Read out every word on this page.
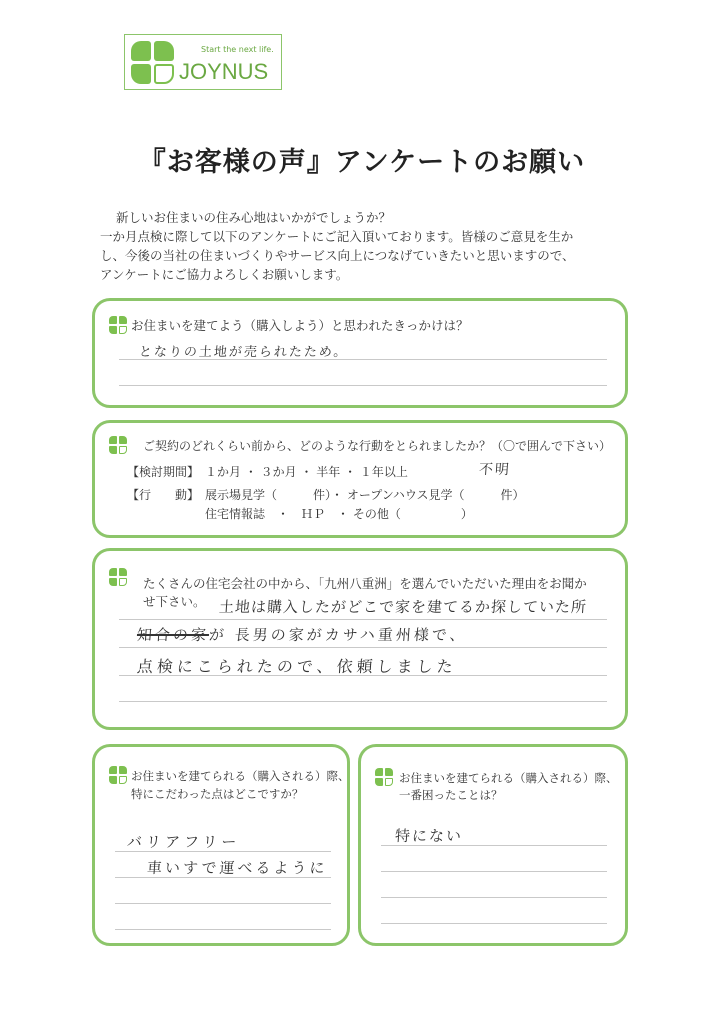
Start the next life.
JOYNUS
『お客様の声』アンケートのお願い

新しいお住まいの住み心地はいかがでしょうか？

一か月点検に際して以下のアンケートにご記入頂いております。皆様のご意見を生か

し、今後の当社の住まいづくりやサービス向上につなげていきたいと思いますので、

アンケートにご協力よろしくお願いします。

お住まいを建てよう（購入しよう）と思われたきっかけは？
となりの土地が売られたため。
ご契約のどれくらい前から、どのような行動をとられましたか？（〇で囲んで下さい）
【検討期間】 １か月 ・ ３か月 ・ 半年 ・ １年以上	不明
【行　　動】 展示場見学（　　　件）・ オープンハウス見学（　　　件）
住宅情報誌　・　ＨＰ　・ その他（　　　　　）
たくさんの住宅会社の中から、「九州八重洲」を選んでいただいた理由をお聞か
せ下さい。 土地は購入したがどこで家を建てるか探していた所
知合の家が 長男の家がカサハ重州様で、
点検にこられたので、依頼しました
お住まいを建てられる（購入される）際、
特にこだわった点はどこですか？
バリアフリー
車いすで運べるように
お住まいを建てられる（購入される）際、
一番困ったことは？
特にない
